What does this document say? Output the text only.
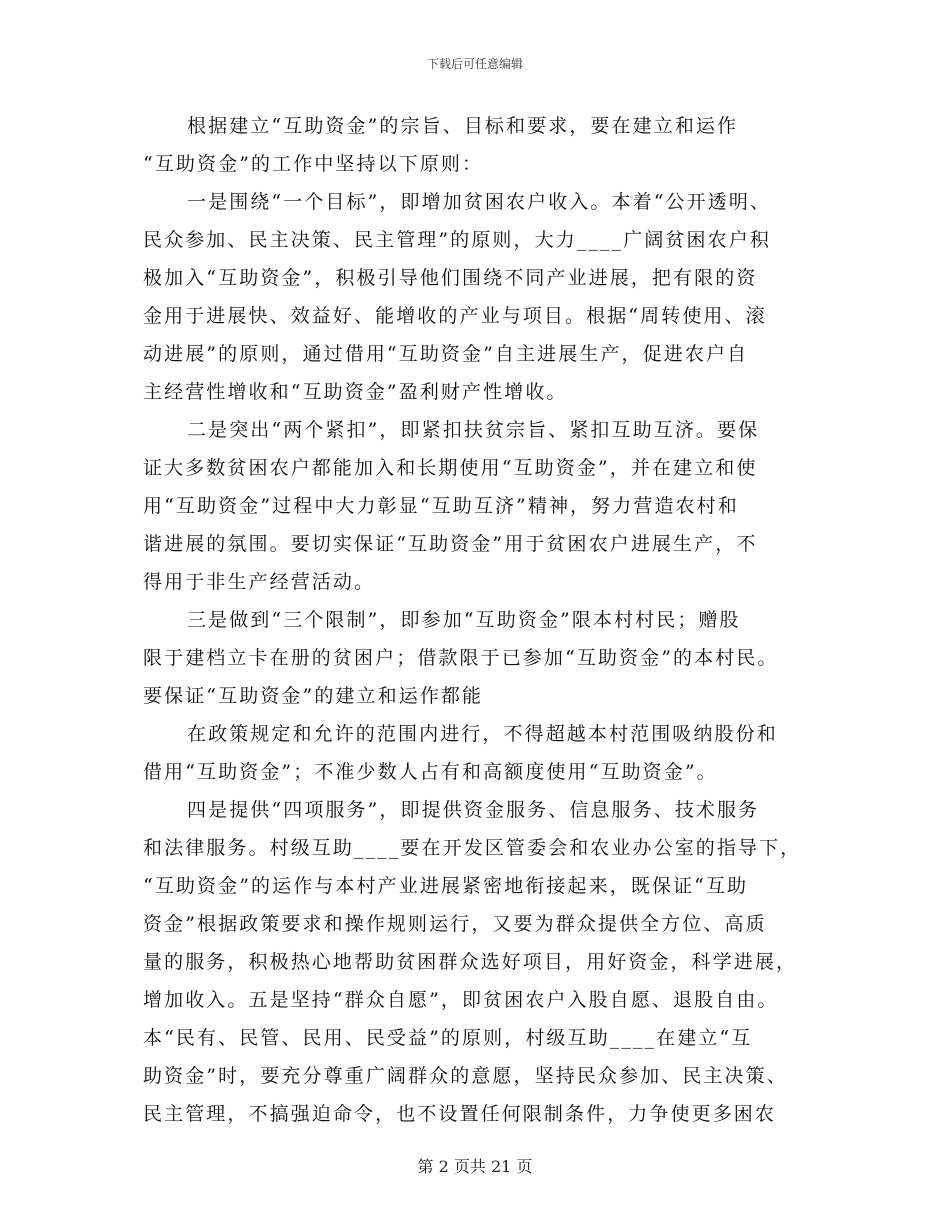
下载后可任意编辑
根据建立“互助资金”的宗旨、目标和要求，要在建立和运作
“互助资金”的工作中坚持以下原则：
一是围绕“一个目标”，即增加贫困农户收入。本着“公开透明、
民众参加、民主决策、民主管理”的原则，大力____广阔贫困农户积
极加入“互助资金”，积极引导他们围绕不同产业进展，把有限的资
金用于进展快、效益好、能增收的产业与项目。根据“周转使用、滚
动进展”的原则，通过借用“互助资金”自主进展生产，促进农户自
主经营性增收和“互助资金”盈利财产性增收。
二是突出“两个紧扣”，即紧扣扶贫宗旨、紧扣互助互济。要保
证大多数贫困农户都能加入和长期使用“互助资金”，并在建立和使
用“互助资金”过程中大力彰显“互助互济”精神，努力营造农村和
谐进展的氛围。要切实保证“互助资金”用于贫困农户进展生产，不
得用于非生产经营活动。
三是做到“三个限制”，即参加“互助资金”限本村村民；赠股
限于建档立卡在册的贫困户；借款限于已参加“互助资金”的本村民。
要保证“互助资金”的建立和运作都能
在政策规定和允许的范围内进行，不得超越本村范围吸纳股份和
借用“互助资金”；不准少数人占有和高额度使用“互助资金”。
四是提供“四项服务”，即提供资金服务、信息服务、技术服务
和法律服务。村级互助____要在开发区管委会和农业办公室的指导下，
“互助资金”的运作与本村产业进展紧密地衔接起来，既保证“互助
资金”根据政策要求和操作规则运行，又要为群众提供全方位、高质
量的服务，积极热心地帮助贫困群众选好项目，用好资金，科学进展，
增加收入。五是坚持“群众自愿”，即贫困农户入股自愿、退股自由。
本“民有、民管、民用、民受益”的原则，村级互助____在建立“互
助资金”时，要充分尊重广阔群众的意愿，坚持民众参加、民主决策、
民主管理，不搞强迫命令，也不设置任何限制条件，力争使更多困农
第 2 页共 21 页
